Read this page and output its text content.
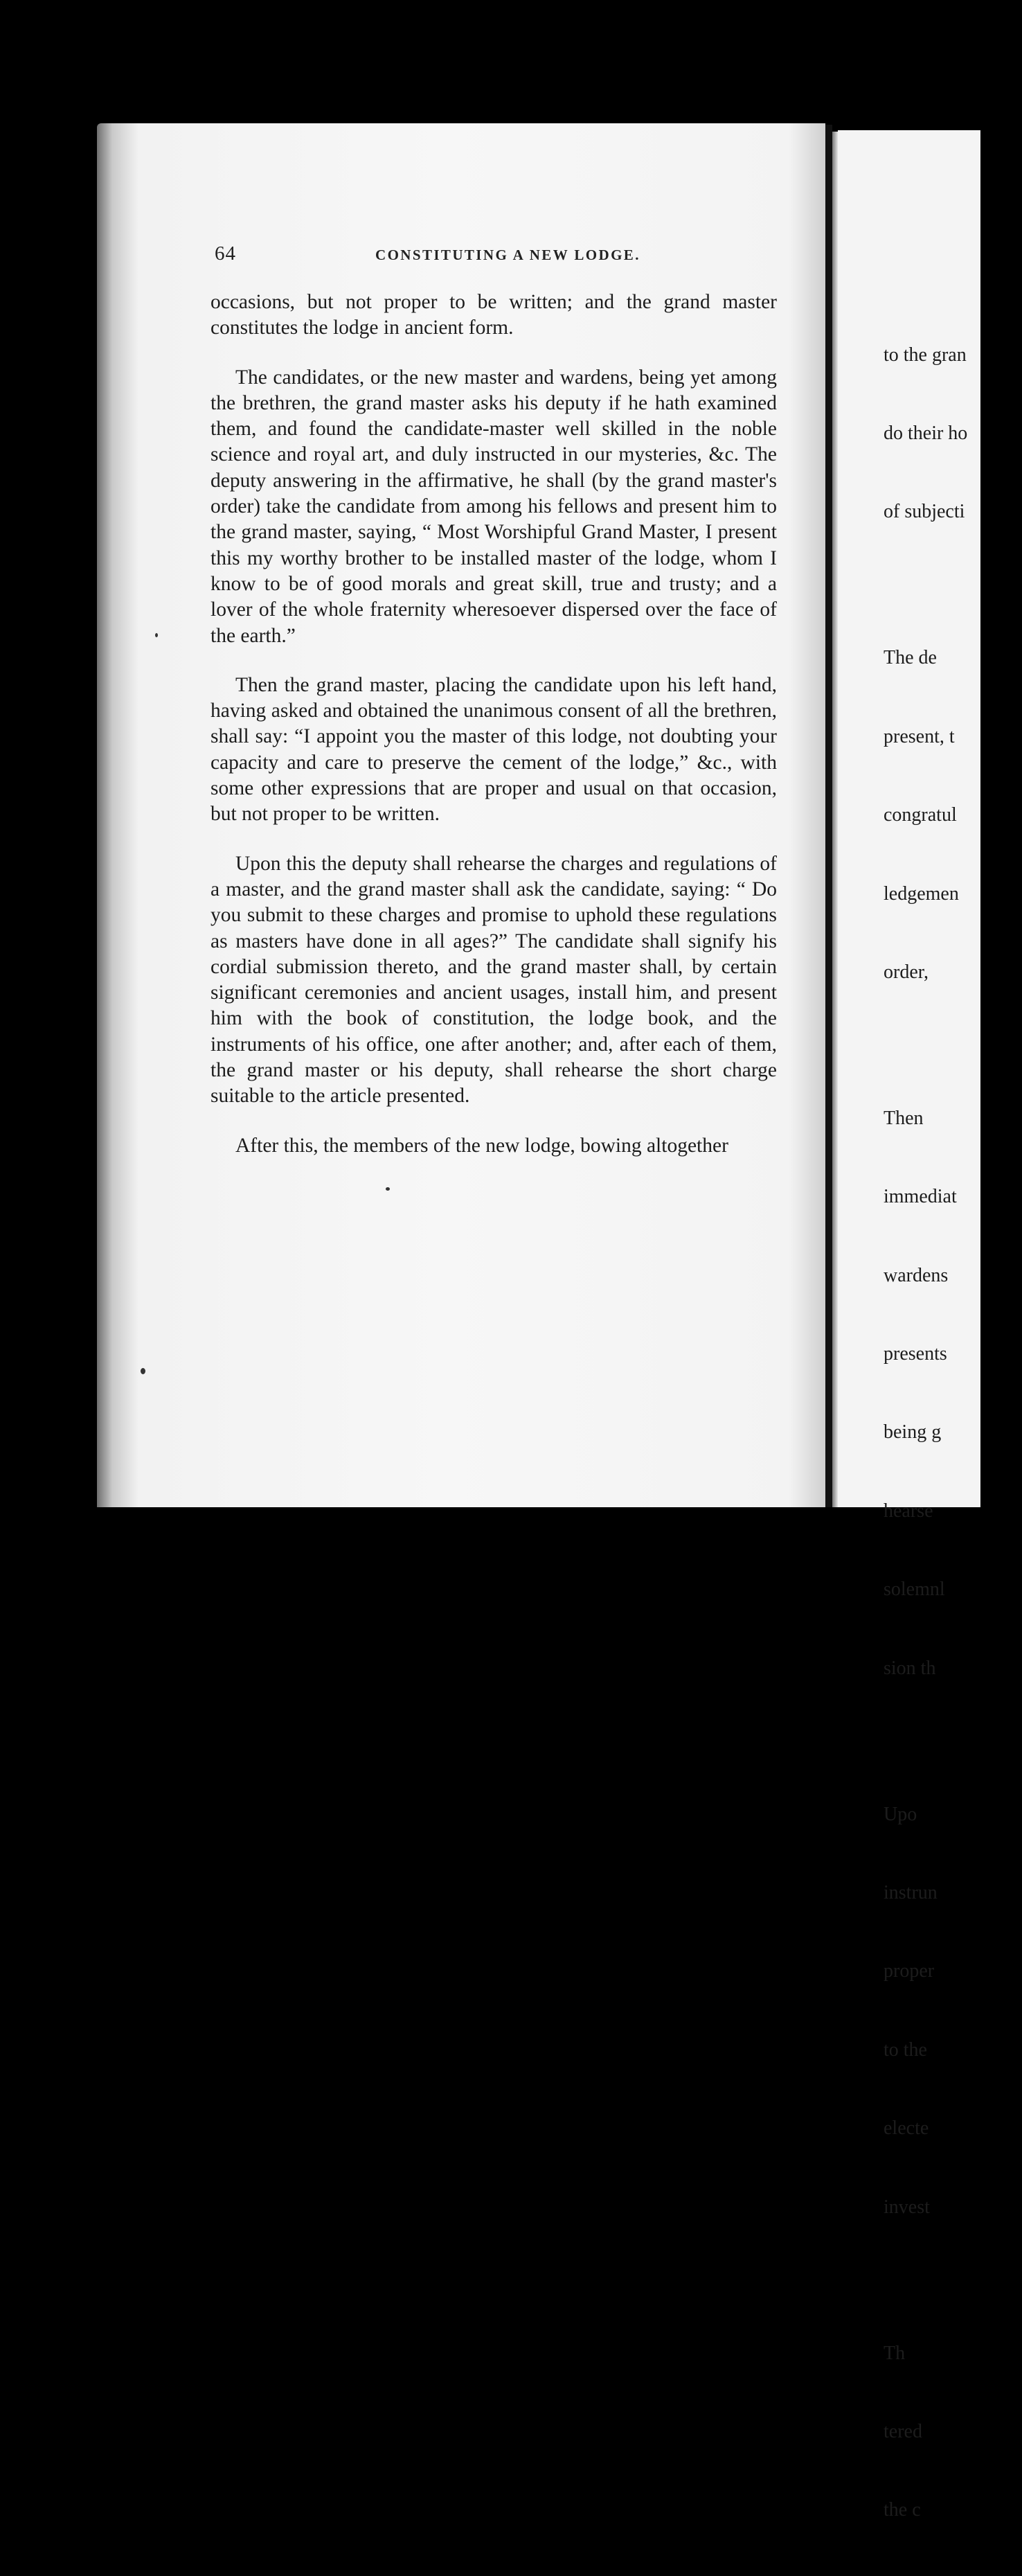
64	CONSTITUTING A NEW LODGE.

occasions, but not proper to be written; and the grand master constitutes the lodge in ancient form.

The candidates, or the new master and wardens, being yet among the brethren, the grand master asks his deputy if he hath examined them, and found the candidate-master well skilled in the noble science and royal art, and duly instructed in our mysteries, &c. The deputy answering in the affirmative, he shall (by the grand master's order) take the candidate from among his fellows and present him to the grand master, saying, “ Most Worshipful Grand Master, I present this my worthy brother to be installed master of the lodge, whom I know to be of good morals and great skill, true and trusty; and a lover of the whole fraternity wheresoever dispersed over the face of the earth.”

Then the grand master, placing the candidate upon his left hand, having asked and obtained the unanimous consent of all the brethren, shall say: “I appoint you the master of this lodge, not doubting your capacity and care to preserve the cement of the lodge,” &c., with some other expressions that are proper and usual on that occasion, but not proper to be written.

Upon this the deputy shall rehearse the charges and regulations of a master, and the grand master shall ask the candidate, saying: “ Do you submit to these charges and promise to uphold these regulations as masters have done in all ages?” The candidate shall signify his cordial submission thereto, and the grand master shall, by certain significant ceremonies and ancient usages, install him, and present him with the book of constitution, the lodge book, and the instruments of his office, one after another; and, after each of them, the grand master or his deputy, shall rehearse the short charge suitable to the article presented.

After this, the members of the new lodge, bowing altogether

to the gran

do their ho

of subjecti

The de

present, t

congratul

ledgemen

order,

Then

immediat

wardens

presents

being g

hearse

solemnl

sion th

Upo

instrun

proper

to the

electe

invest

Th

tered

the c
